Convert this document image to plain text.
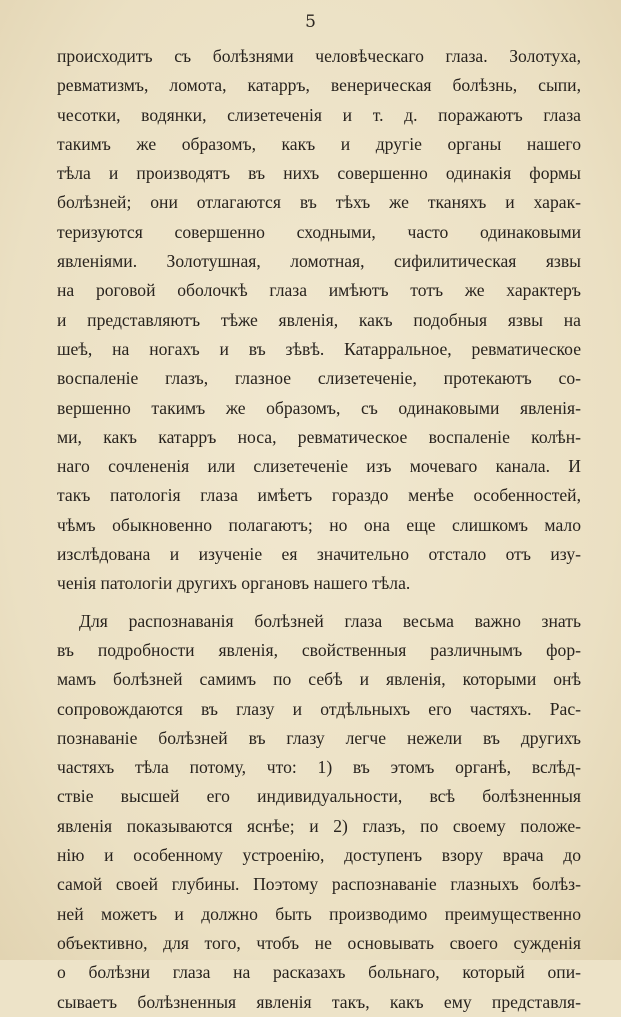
5
происходитъ съ болѣзнями человѣческаго глаза. Золотуха,
ревматизмъ, ломота, катарръ, венерическая болѣзнь, сыпи,
чесотки, водянки, слизетеченія и т. д. поражаютъ глаза
такимъ же образомъ, какъ и другіе органы нашего
тѣла и производятъ въ нихъ совершенно одинакія формы
болѣзней; они отлагаются въ тѣхъ же тканяхъ и харак-
теризуются совершенно сходными, часто одинаковыми
явленіями. Золотушная, ломотная, сифилитическая язвы
на роговой оболочкѣ глаза имѣютъ тотъ же характеръ
и представляютъ тѣже явленія, какъ подобныя язвы на
шеѣ, на ногахъ и въ зѣвѣ. Катарральное, ревматическое
воспаленіе глазъ, глазное слизетеченіе, протекаютъ со-
вершенно такимъ же образомъ, съ одинаковыми явленія-
ми, какъ катарръ носа, ревматическое воспаленіе колѣн-
наго сочлененія или слизетеченіе изъ мочеваго канала. И
такъ патологія глаза имѣетъ гораздо менѣе особенностей,
чѣмъ обыкновенно полагаютъ; но она еще слишкомъ мало
изслѣдована и изученіе ея значительно отстало отъ изу-
ченія патологіи другихъ органовъ нашего тѣла.
Для распознаванія болѣзней глаза весьма важно знать
въ подробности явленія, свойственныя различнымъ фор-
мамъ болѣзней самимъ по себѣ и явленія, которыми онѣ
сопровождаются въ глазу и отдѣльныхъ его частяхъ. Рас-
познаваніе болѣзней въ глазу легче нежели въ другихъ
частяхъ тѣла потому, что: 1) въ этомъ органѣ, вслѣд-
ствіе высшей его индивидуальности, всѣ болѣзненныя
явленія показываются яснѣе; и 2) глазъ, по своему положе-
нію и особенному устроенію, доступенъ взору врача до
самой своей глубины. Поэтому распознаваніе глазныхъ болѣз-
ней можетъ и должно быть производимо преимущественно
объективно, для того, чтобъ не основывать своего сужденія
о болѣзни глаза на расказахъ больнаго, который опи-
сываетъ болѣзненныя явленія такъ, какъ ему представля-
